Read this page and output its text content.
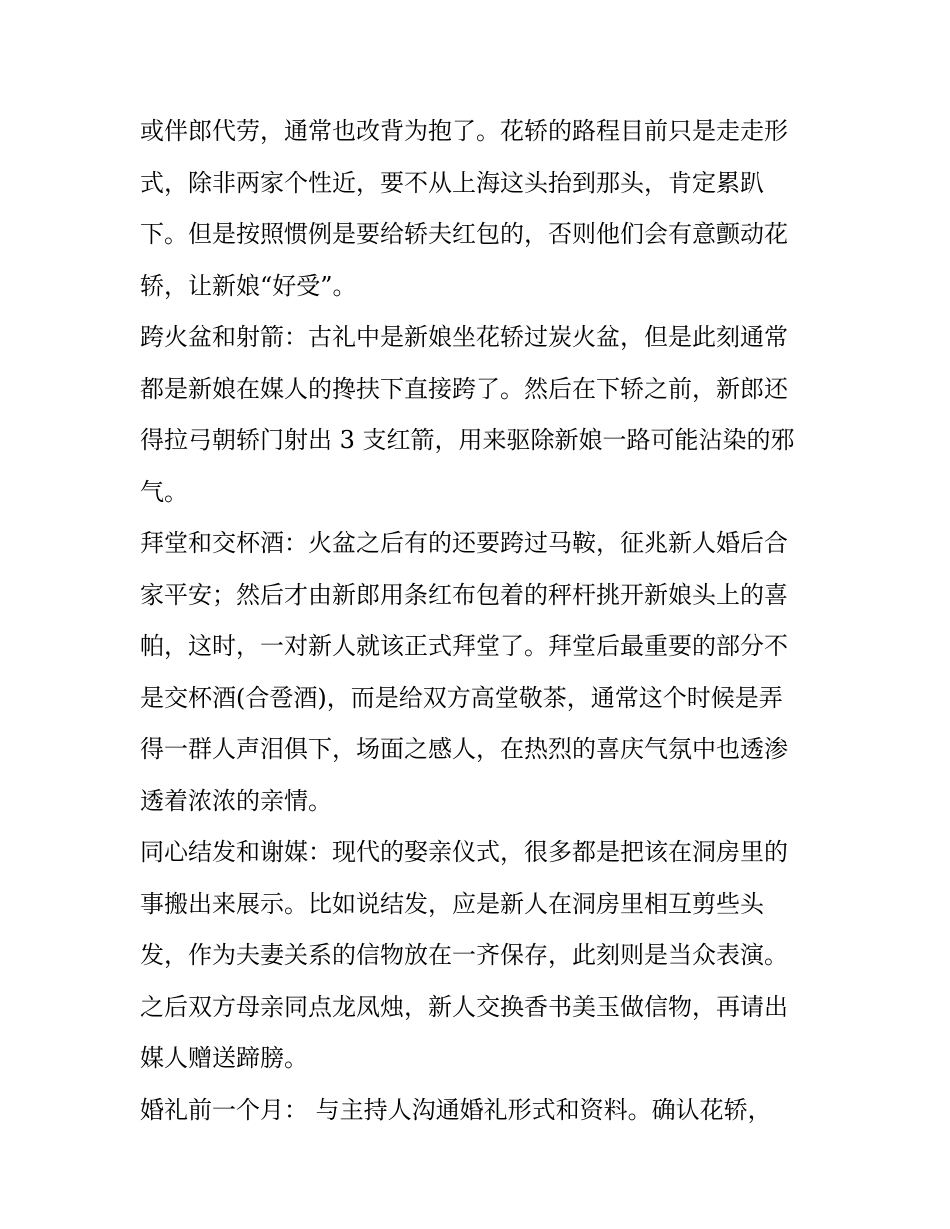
或伴郎代劳，通常也改背为抱了。花轿的路程目前只是走走形
式，除非两家个性近，要不从上海这头抬到那头，肯定累趴
下。但是按照惯例是要给轿夫红包的，否则他们会有意颤动花
轿，让新娘“好受”。
跨火盆和射箭：古礼中是新娘坐花轿过炭火盆，但是此刻通常
都是新娘在媒人的搀扶下直接跨了。然后在下轿之前，新郎还
得拉弓朝轿门射出 3 支红箭，用来驱除新娘一路可能沾染的邪
气。
拜堂和交杯酒：火盆之后有的还要跨过马鞍，征兆新人婚后合
家平安；然后才由新郎用条红布包着的秤杆挑开新娘头上的喜
帕，这时，一对新人就该正式拜堂了。拜堂后最重要的部分不
是交杯酒(合卺酒)，而是给双方高堂敬茶，通常这个时候是弄
得一群人声泪俱下，场面之感人，在热烈的喜庆气氛中也透渗
透着浓浓的亲情。
同心结发和谢媒：现代的娶亲仪式，很多都是把该在洞房里的
事搬出来展示。比如说结发，应是新人在洞房里相互剪些头
发，作为夫妻关系的信物放在一齐保存，此刻则是当众表演。
之后双方母亲同点龙凤烛，新人交换香书美玉做信物，再请出
媒人赠送蹄膀。
婚礼前一个月： 与主持人沟通婚礼形式和资料。确认花轿，
